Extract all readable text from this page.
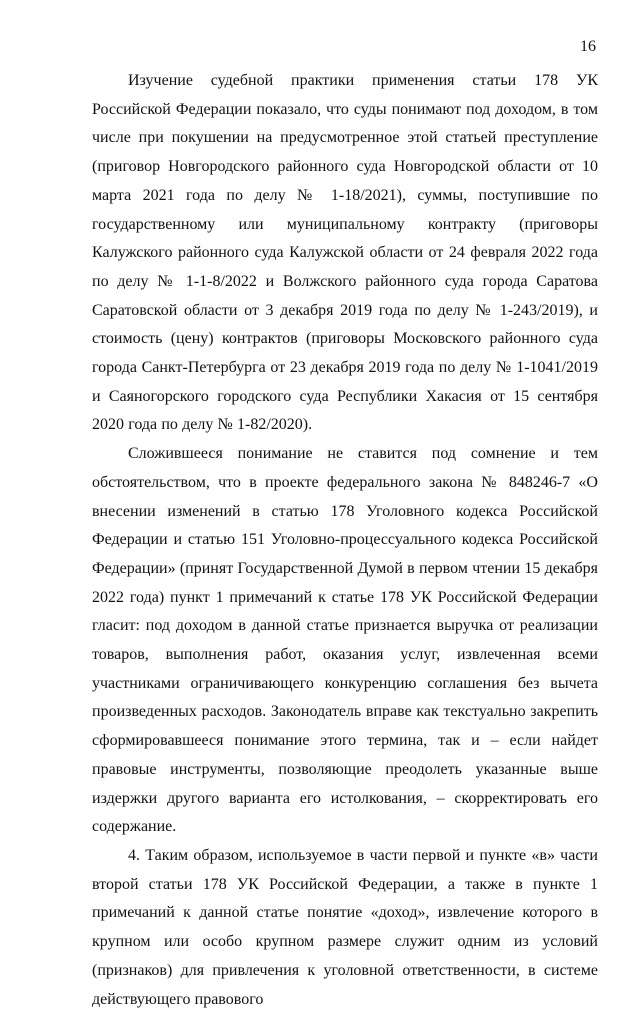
16

Изучение судебной практики применения статьи 178 УК Российской Федерации показало, что суды понимают под доходом, в том числе при покушении на предусмотренное этой статьей преступление (приговор Новгородского районного суда Новгородской области от 10 марта 2021 года по делу № 1-18/2021), суммы, поступившие по государственному или муниципальному контракту (приговоры Калужского районного суда Калужской области от 24 февраля 2022 года по делу № 1-1-8/2022 и Волжского районного суда города Саратова Саратовской области от 3 декабря 2019 года по делу № 1-243/2019), и стоимость (цену) контрактов (приговоры Московского районного суда города Санкт-Петербурга от 23 декабря 2019 года по делу № 1-1041/2019 и Саяногорского городского суда Республики Хакасия от 15 сентября 2020 года по делу № 1-82/2020).

Сложившееся понимание не ставится под сомнение и тем обстоятельством, что в проекте федерального закона № 848246-7 «О внесении изменений в статью 178 Уголовного кодекса Российской Федерации и статью 151 Уголовно-процессуального кодекса Российской Федерации» (принят Государственной Думой в первом чтении 15 декабря 2022 года) пункт 1 примечаний к статье 178 УК Российской Федерации гласит: под доходом в данной статье признается выручка от реализации товаров, выполнения работ, оказания услуг, извлеченная всеми участниками ограничивающего конкуренцию соглашения без вычета произведенных расходов. Законодатель вправе как текстуально закрепить сформировавшееся понимание этого термина, так и – если найдет правовые инструменты, позволяющие преодолеть указанные выше издержки другого варианта его истолкования, – скорректировать его содержание.

4. Таким образом, используемое в части первой и пункте «в» части второй статьи 178 УК Российской Федерации, а также в пункте 1 примечаний к данной статье понятие «доход», извлечение которого в крупном или особо крупном размере служит одним из условий (признаков) для привлечения к уголовной ответственности, в системе действующего правового
